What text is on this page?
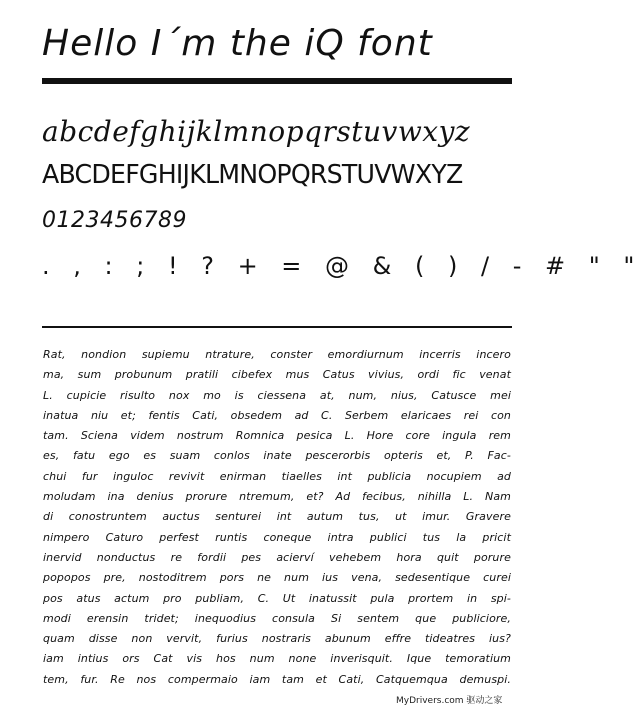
Hello I´m the iQ font
abcdefghijklmnopqrstuvwxyz
ABCDEFGHIJKLMNOPQRSTUVWXYZ
0123456789
. , : ; ! ? + = @ & ( ) / - # " "
Rat, nondion supiemu ntrature, conster emordiurnum incerris incero
ma, sum probunum pratili cibefex mus Catus vivius, ordi fic venat
L. cupicie risulto nox mo is ciessena at, num, nius, Catusce mei
inatua niu et; fentis Cati, obsedem ad C. Serbem elaricaes rei con
tam. Sciena videm nostrum Romnica pesica L. Hore core ingula rem
es, fatu ego es suam conlos inate pescerorbis opteris et, P. Fac-
chui fur inguloc revivit enirman tiaelles int publicia nocupiem ad
moludam ina denius prorure ntremum, et? Ad fecibus, nihilla L. Nam
di conostruntem auctus senturei int autum tus, ut imur. Gravere
nimpero Caturo perfest runtis coneque intra publici tus la pricit
inervid nonductus re fordii pes acierví vehebem hora quit porure
popopos pre, nostoditrem pors ne num ius vena, sedesentique curei
pos atus actum pro publiam, C. Ut inatussit pula prortem in spi-
modi erensin tridet; inequodius consula Si sentem que publiciore,
quam disse non vervit, furius nostraris abunum effre tideatres ius?
iam intius ors Cat vis hos num none inverisquit. Ique temoratium
tem, fur. Re nos compermaio iam tam et Cati, Catquemqua demuspi.
MyDrivers.com 驱动之家
